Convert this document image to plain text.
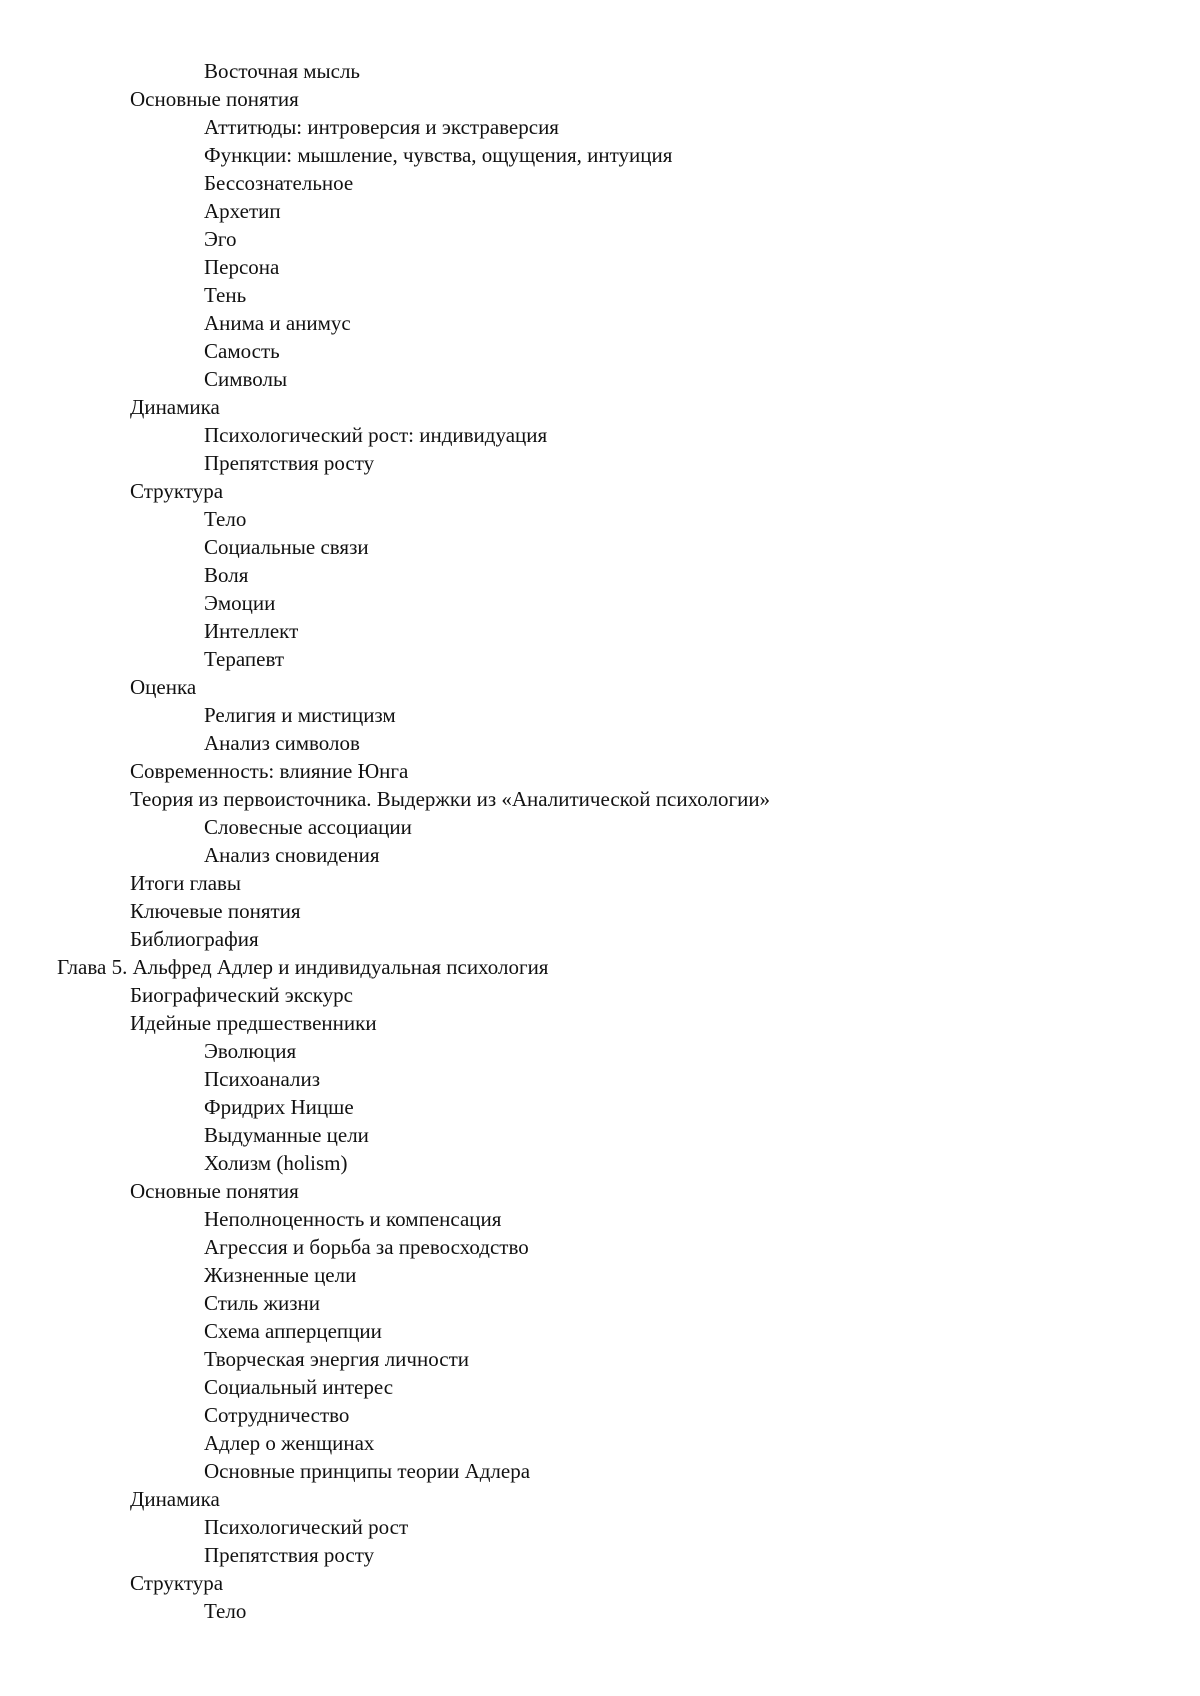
Восточная мысль
Основные понятия
Аттитюды: интроверсия и экстраверсия
Функции: мышление, чувства, ощущения, интуиция
Бессознательное
Архетип
Эго
Персона
Тень
Анима и анимус
Самость
Символы
Динамика
Психологический рост: индивидуация
Препятствия росту
Структура
Тело
Социальные связи
Воля
Эмоции
Интеллект
Терапевт
Оценка
Религия и мистицизм
Анализ символов
Современность: влияние Юнга
Теория из первоисточника. Выдержки из «Аналитической психологии»
Словесные ассоциации
Анализ сновидения
Итоги главы
Ключевые понятия
Библиография
Глава 5. Альфред Адлер и индивидуальная психология
Биографический экскурс
Идейные предшественники
Эволюция
Психоанализ
Фридрих Ницше
Выдуманные цели
Холизм (holism)
Основные понятия
Неполноценность и компенсация
Агрессия и борьба за превосходство
Жизненные цели
Стиль жизни
Схема апперцепции
Творческая энергия личности
Социальный интерес
Сотрудничество
Адлер о женщинах
Основные принципы теории Адлера
Динамика
Психологический рост
Препятствия росту
Структура
Тело
